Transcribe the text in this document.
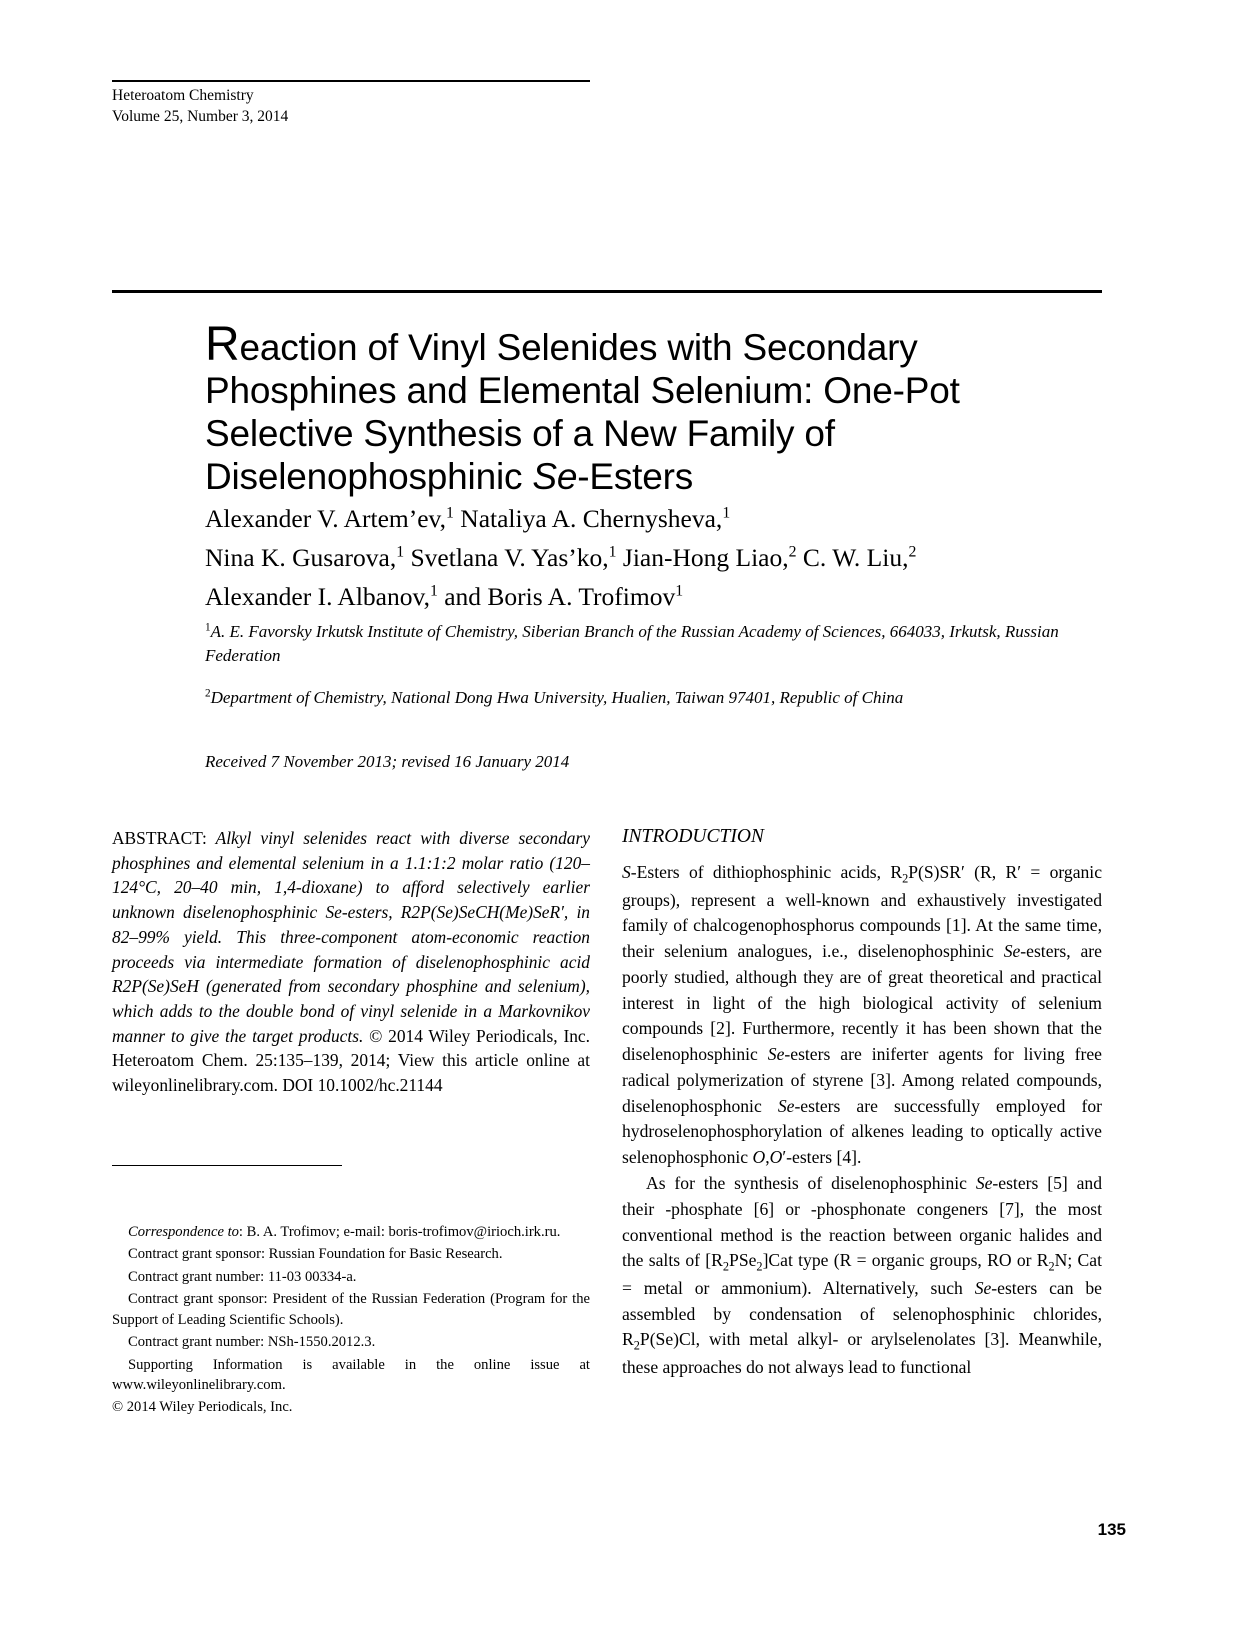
Heteroatom Chemistry
Volume 25, Number 3, 2014
Reaction of Vinyl Selenides with Secondary
Phosphines and Elemental Selenium: One-Pot
Selective Synthesis of a New Family of
Diselenophosphinic Se-Esters
Alexander V. Artem’ev,$^1$ Nataliya A. Chernysheva,$^1$
Nina K. Gusarova,$^1$ Svetlana V. Yas’ko,$^1$ Jian-Hong Liao,$^2$ C. W. Liu,$^2$
Alexander I. Albanov,$^1$ and Boris A. Trofimov$^1$

$^1$A. E. Favorsky Irkutsk Institute of Chemistry, Siberian Branch of the Russian Academy of Sciences, 664033, Irkutsk, Russian Federation

$^2$Department of Chemistry, National Dong Hwa University, Hualien, Taiwan 97401, Republic of China

Received 7 November 2013; revised 16 January 2014
ABSTRACT: Alkyl vinyl selenides react with diverse secondary phosphines and elemental selenium in a 1.1:1:2 molar ratio (120–124°C, 20–40 min, 1,4-dioxane) to afford selectively earlier unknown diselenophosphinic Se-esters, R2P(Se)SeCH(Me)SeR′, in 82–99% yield. This three-component atom-economic reaction proceeds via intermediate formation of diselenophosphinic acid R2P(Se)SeH (generated from secondary phosphine and selenium), which adds to the double bond of vinyl selenide in a Markovnikov manner to give the target products. © 2014 Wiley Periodicals, Inc. Heteroatom Chem. 25:135–139, 2014; View this article online at wileyonlinelibrary.com. DOI 10.1002/hc.21144

Correspondence to: B. A. Trofimov; e-mail: boris-trofimov@irioch.irk.ru.

Contract grant sponsor: Russian Foundation for Basic Research.

Contract grant number: 11-03 00334-a.

Contract grant sponsor: President of the Russian Federation (Program for the Support of Leading Scientific Schools).

Contract grant number: NSh-1550.2012.3.

Supporting Information is available in the online issue at www.wileyonlinelibrary.com.

© 2014 Wiley Periodicals, Inc.

INTRODUCTION

S-Esters of dithiophosphinic acids, $R_2P(S)SR'$ (R, R′ = organic groups), represent a well-known and exhaustively investigated family of chalcogenophosphorus compounds [1]. At the same time, their selenium analogues, i.e., diselenophosphinic Se-esters, are poorly studied, although they are of great theoretical and practical interest in light of the high biological activity of selenium compounds [2]. Furthermore, recently it has been shown that the diselenophosphinic Se-esters are iniferter agents for living free radical polymerization of styrene [3]. Among related compounds, diselenophosphonic Se-esters are successfully employed for hydroselenophosphorylation of alkenes leading to optically active selenophosphonic O,O′-esters [4].

As for the synthesis of diselenophosphinic Se-esters [5] and their -phosphate [6] or -phosphonate congeners [7], the most conventional method is the reaction between organic halides and the salts of $[R_2PSe_2]Cat$ type (R = organic groups, RO or $R_2N$; Cat = metal or ammonium). Alternatively, such Se-esters can be assembled by condensation of selenophosphinic chlorides, $R_2P(Se)Cl$, with metal alkyl- or arylselenolates [3]. Meanwhile, these approaches do not always lead to functional

135
